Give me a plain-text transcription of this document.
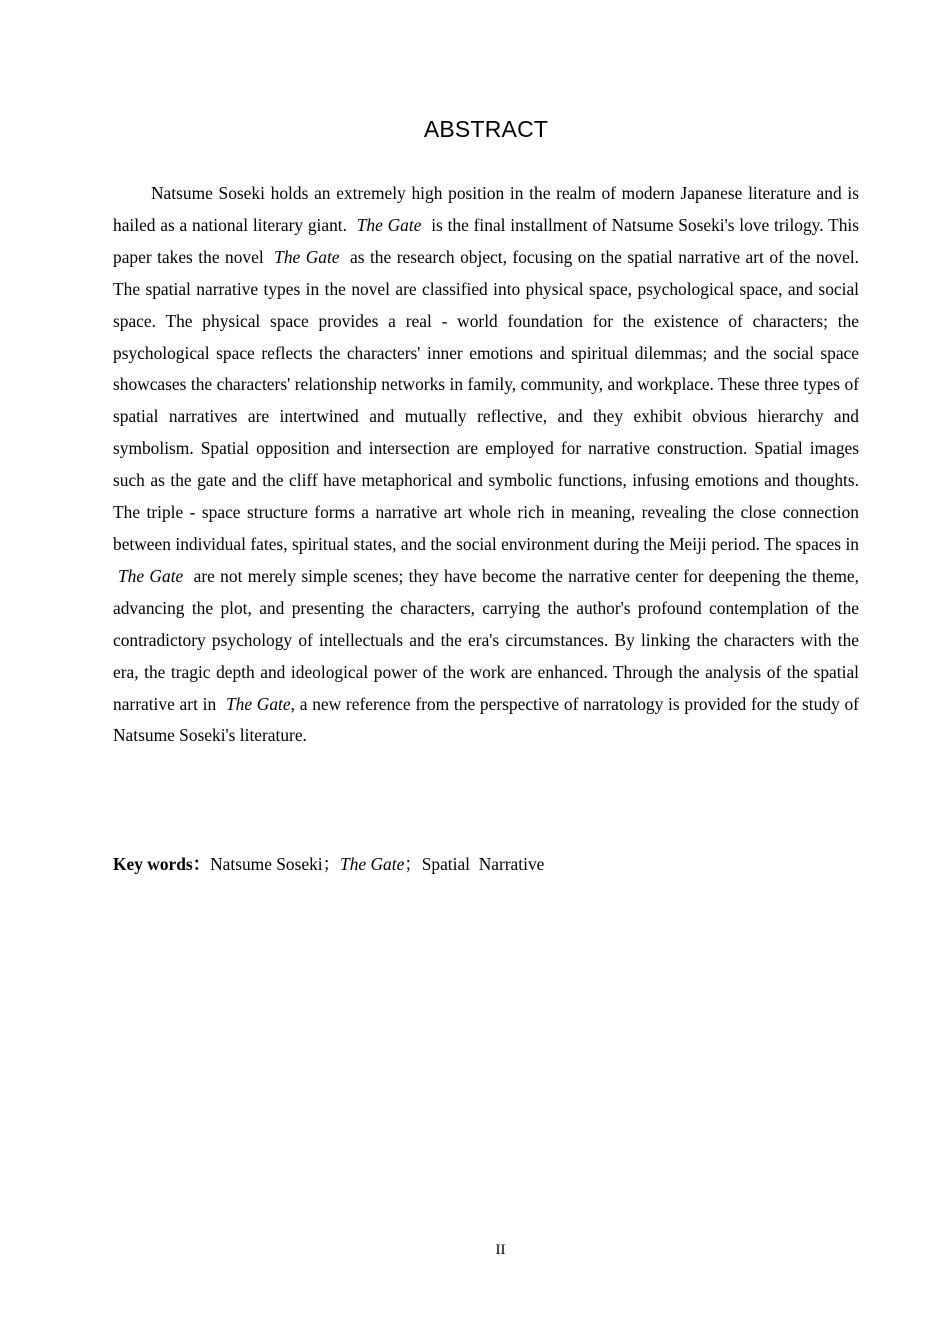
ABSTRACT

Natsume Soseki holds an extremely high position in the realm of modern Japanese literature and is hailed as a national literary giant. The Gate is the final installment of Natsume Soseki's love trilogy. This paper takes the novel The Gate as the research object, focusing on the spatial narrative art of the novel. The spatial narrative types in the novel are classified into physical space, psychological space, and social space. The physical space provides a real - world foundation for the existence of characters; the psychological space reflects the characters' inner emotions and spiritual dilemmas; and the social space showcases the characters' relationship networks in family, community, and workplace. These three types of spatial narratives are intertwined and mutually reflective, and they exhibit obvious hierarchy and symbolism. Spatial opposition and intersection are employed for narrative construction. Spatial images such as the gate and the cliff have metaphorical and symbolic functions, infusing emotions and thoughts. The triple - space structure forms a narrative art whole rich in meaning, revealing the close connection between individual fates, spiritual states, and the social environment during the Meiji period. The spaces in The Gate are not merely simple scenes; they have become the narrative center for deepening the theme, advancing the plot, and presenting the characters, carrying the author's profound contemplation of the contradictory psychology of intellectuals and the era's circumstances. By linking the characters with the era, the tragic depth and ideological power of the work are enhanced. Through the analysis of the spatial narrative art in The Gate, a new reference from the perspective of narratology is provided for the study of Natsume Soseki's literature.

Key words：Natsume Soseki；The Gate；Spatial  Narrative
II
